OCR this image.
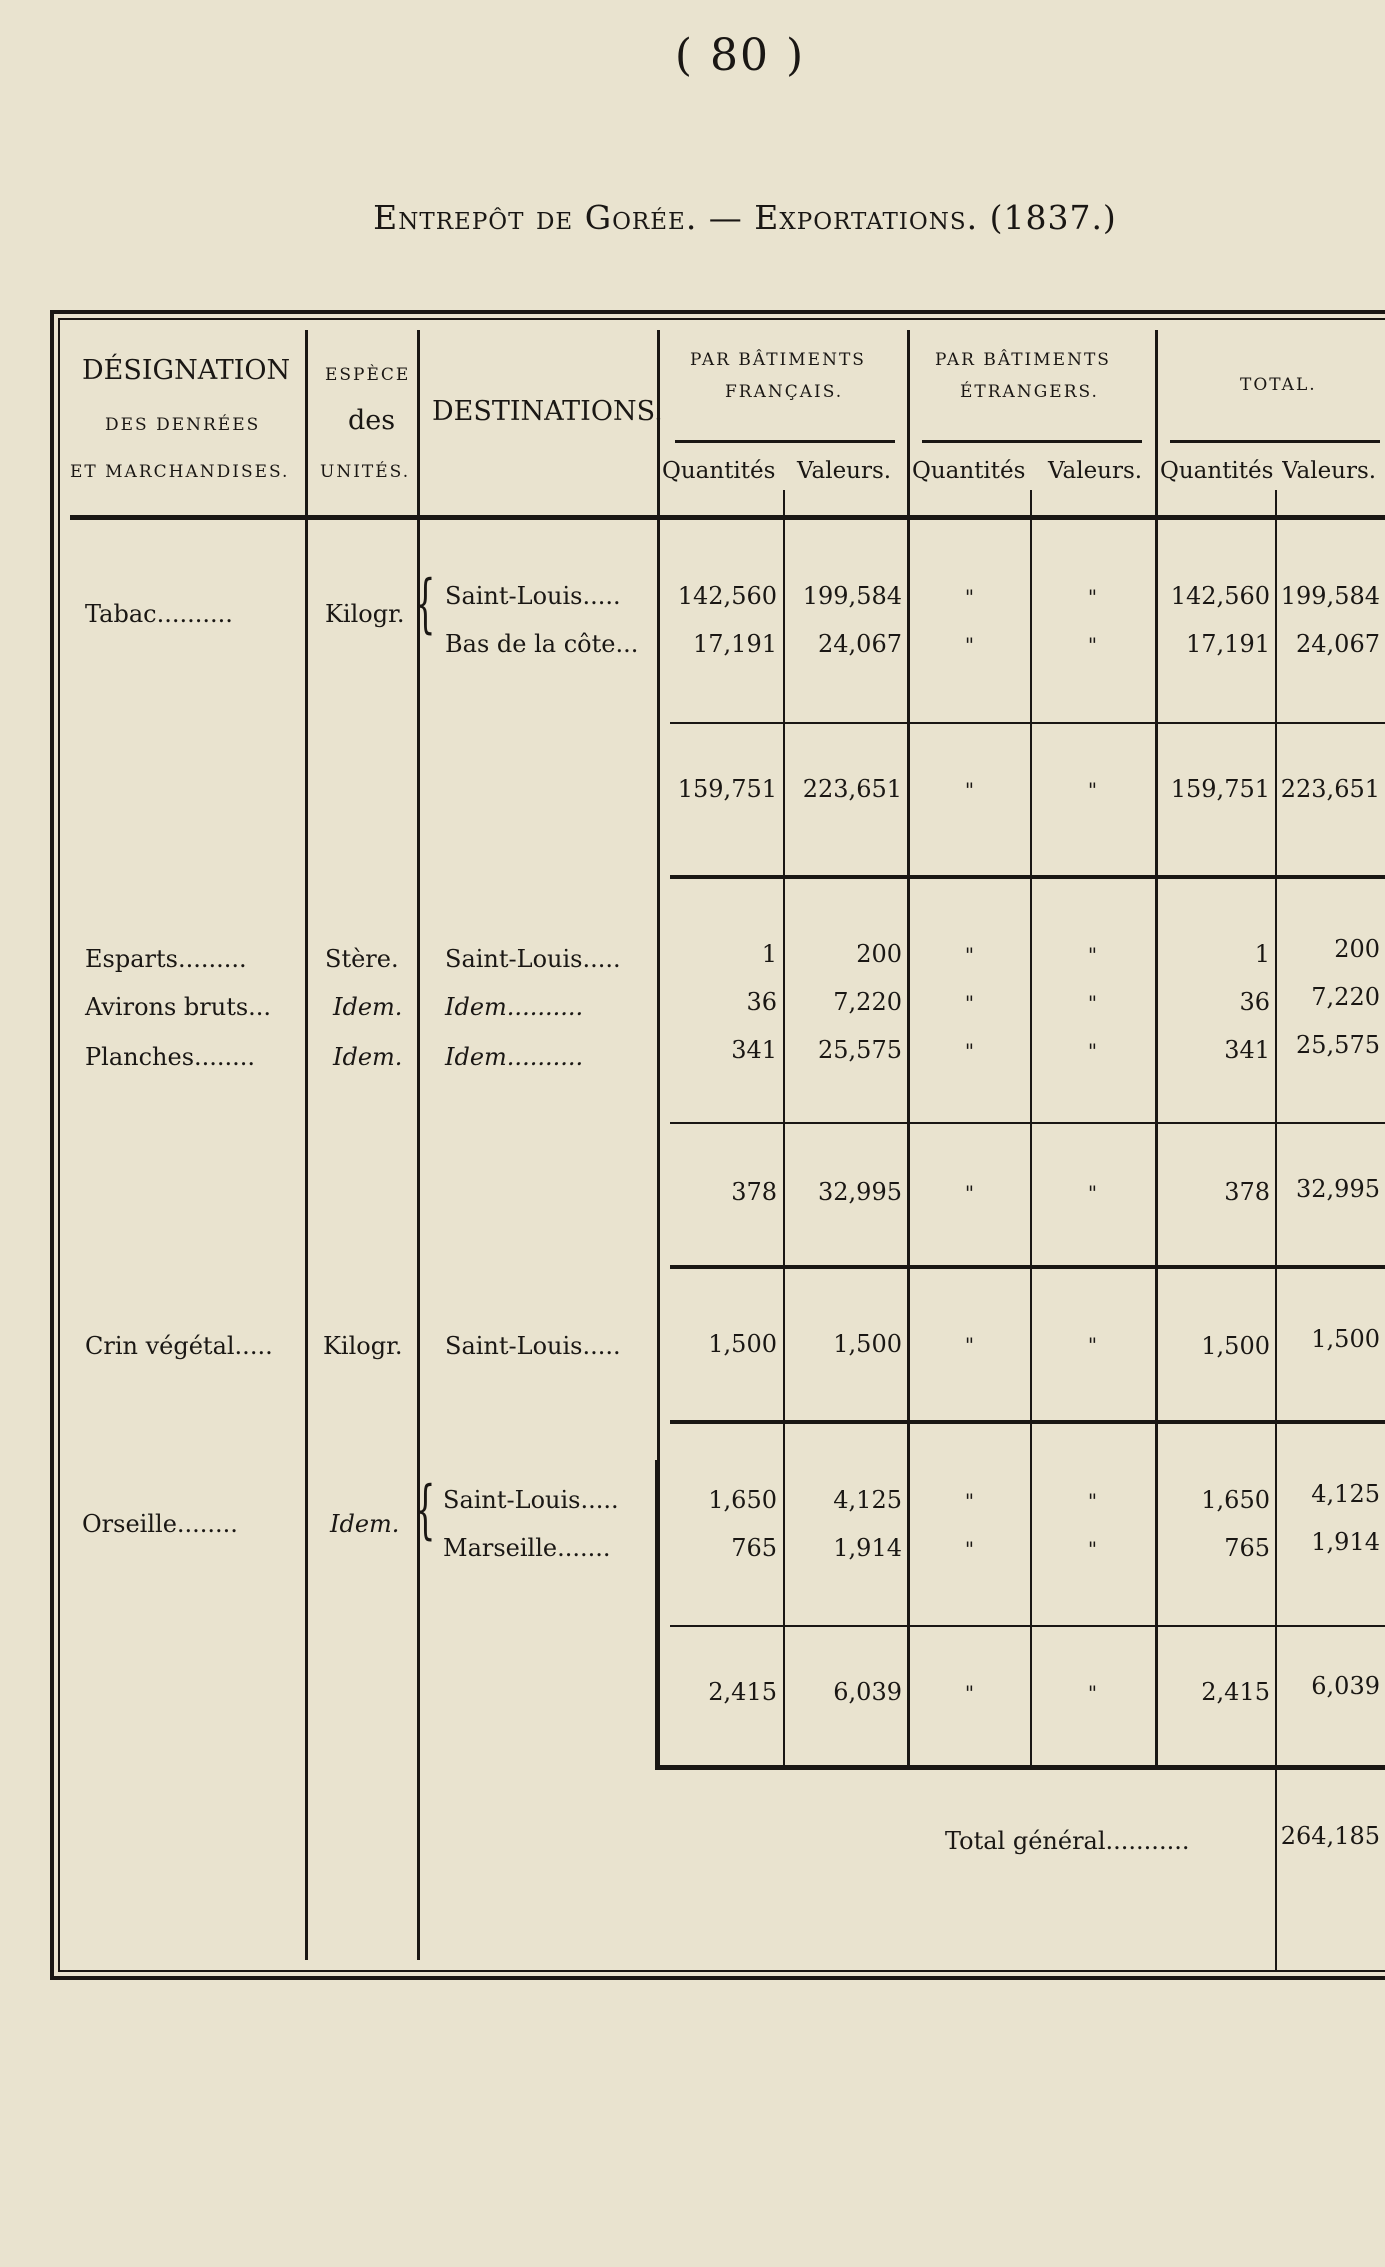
( 80 )
Entrepôt de Gorée. — Exportations. (1837.)
DÉSIGNATION
DES DENRÉES
ET MARCHANDISES.
ESPÈCE
des
UNITÉS.
DESTINATIONS.
PAR BÂTIMENTS
FRANÇAIS.
PAR BÂTIMENTS
ÉTRANGERS.	TOTAL.
Quantités Valeurs. Quantités Valeurs. Quantités Valeurs.
Tabac..........	Kilogr. { Saint-Louis.....	142,560	199,584	"	"	142,560 199,584
Bas de la côte...	17,191	24,067	"	"	17,191	24,067
159,751	223,651	"	"	159,751 223,651
Esparts.........	Stère. Saint-Louis.....	1	200	"	"	1	200
Avirons bruts...	Idem. Idem..........	36	7,220	"	"	36	7,220
Planches........	Idem. Idem..........	341	25,575	"	"	341	25,575
378	32,995	"	"	378	32,995
Crin végétal..... Kilogr. Saint-Louis.....	1,500	1,500	"	"	1,500	1,500
Orseille........	Idem. { Saint-Louis.....	1,650	4,125	"	"	1,650	4,125
Marseille.......	765	1,914	"	"	765	1,914
2,415	6,039	"	"	2,415	6,039
Total général...........	264,185
